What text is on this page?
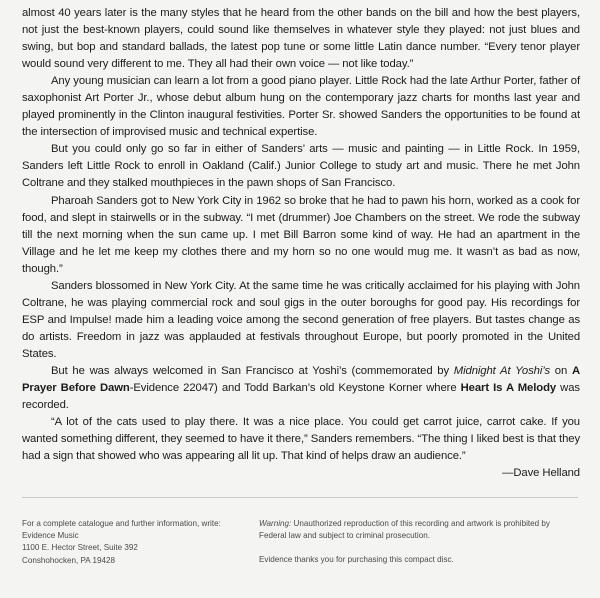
almost 40 years later is the many styles that he heard from the other bands on the bill and how the best players, not just the best-known players, could sound like themselves in whatever style they played: not just blues and swing, but bop and standard ballads, the latest pop tune or some little Latin dance number. “Every tenor player would sound very different to me. They all had their own voice — not like today.”

Any young musician can learn a lot from a good piano player. Little Rock had the late Arthur Porter, father of saxophonist Art Porter Jr., whose debut album hung on the contemporary jazz charts for months last year and played prominently in the Clinton inaugural festivities. Porter Sr. showed Sanders the opportunities to be found at the intersection of improvised music and technical expertise.

But you could only go so far in either of Sanders’ arts — music and painting — in Little Rock. In 1959, Sanders left Little Rock to enroll in Oakland (Calif.) Junior College to study art and music. There he met John Coltrane and they stalked mouthpieces in the pawn shops of San Francisco.

Pharoah Sanders got to New York City in 1962 so broke that he had to pawn his horn, worked as a cook for food, and slept in stairwells or in the subway. “I met (drummer) Joe Chambers on the street. We rode the subway till the next morning when the sun came up. I met Bill Barron some kind of way. He had an apartment in the Village and he let me keep my clothes there and my horn so no one would mug me. It wasn’t as bad as now, though.”

Sanders blossomed in New York City. At the same time he was critically acclaimed for his playing with John Coltrane, he was playing commercial rock and soul gigs in the outer boroughs for good pay. His recordings for ESP and Impulse! made him a leading voice among the second generation of free players. But tastes change as do artists. Freedom in jazz was applauded at festivals throughout Europe, but poorly promoted in the United States.

But he was always welcomed in San Francisco at Yoshi’s (commemorated by Midnight At Yoshi’s on A Prayer Before Dawn-Evidence 22047) and Todd Barkan’s old Keystone Korner where Heart Is A Melody was recorded.

“A lot of the cats used to play there. It was a nice place. You could get carrot juice, carrot cake. If you wanted something different, they seemed to have it there,” Sanders remembers. “The thing I liked best is that they had a sign that showed who was appearing all lit up. That kind of helps draw an audience.”

—Dave Helland

For a complete catalogue and further information, write:
Evidence Music
1100 E. Hector Street, Suite 392
Conshohocken, PA 19428
Warning: Unauthorized reproduction of this recording and artwork is prohibited by Federal law and subject to criminal prosecution.
Evidence thanks you for purchasing this compact disc.
